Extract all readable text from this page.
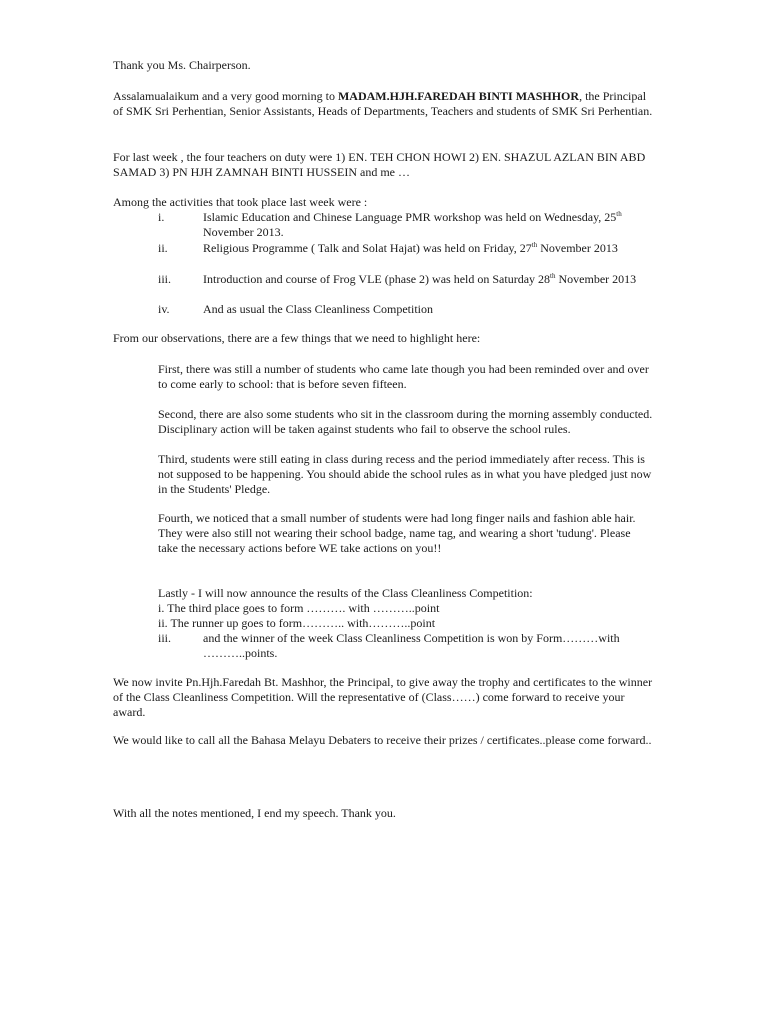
Thank you Ms. Chairperson.

Assalamualaikum and a very good morning to MADAM.HJH.FAREDAH BINTI MASHHOR, the Principal of SMK Sri Perhentian, Senior Assistants, Heads of Departments, Teachers and students of SMK Sri Perhentian.

For last week , the four teachers on duty were 1) EN. TEH CHON HOWI 2) EN. SHAZUL AZLAN BIN ABD SAMAD 3) PN HJH ZAMNAH BINTI HUSSEIN and me …

Among the activities that took place last week were :

i.	Islamic Education and Chinese Language PMR workshop was held on Wednesday, 25th November 2013.
ii.	Religious Programme ( Talk and Solat Hajat) was held on Friday, 27th November 2013
iii.	Introduction and course of Frog VLE (phase 2) was held on Saturday 28th November 2013
iv.	And as usual the Class Cleanliness Competition

From our observations, there are a few things that we need to highlight here:

First, there was still a number of students who came late though you had been reminded over and over to come early to school: that is before seven fifteen.

Second, there are also some students who sit in the classroom during the morning assembly conducted. Disciplinary action will be taken against students who fail to observe the school rules.

Third, students were still eating in class during recess and the period immediately after recess. This is not supposed to be happening. You should abide the school rules as in what you have pledged just now in the Students' Pledge.

Fourth, we noticed that a small number of students were had long finger nails and fashion able hair. They were also still not wearing their school badge, name tag, and wearing a short 'tudung'. Please take the necessary actions before WE take actions on you!!

Lastly - I will now announce the results of the Class Cleanliness Competition:

i. The third place goes to form ………. with ………..point

ii. The runner up goes to form……….. with………..point

iii.	and the winner of the week Class Cleanliness Competition is won by Form………with ………..points.

We now invite Pn.Hjh.Faredah Bt. Mashhor, the Principal, to give away the trophy and certificates to the winner of the Class Cleanliness Competition. Will the representative of (Class……) come forward to receive your award.

We would like to call all the Bahasa Melayu Debaters to receive their prizes / certificates..please come forward..

With all the notes mentioned, I end my speech. Thank you.
